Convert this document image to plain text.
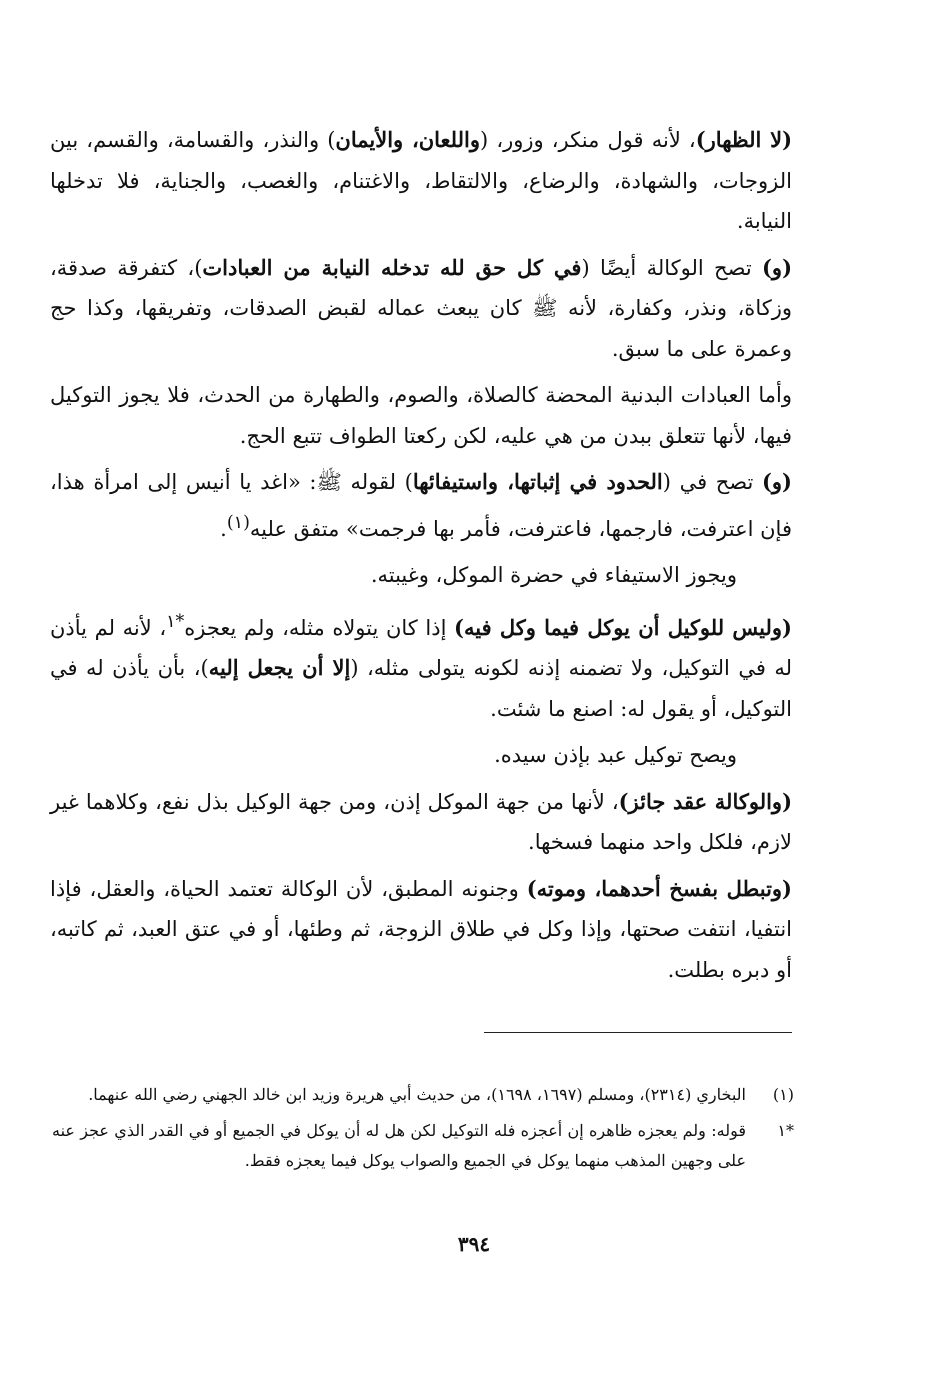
(لا الظهار)، لأنه قول منكر، وزور، (واللعان، والأيمان) والنذر، والقسامة، والقسم، بين الزوجات، والشهادة، والرضاع، والالتقاط، والاغتنام، والغصب، والجناية، فلا تدخلها النيابة.

(و) تصح الوكالة أيضًا (في كل حق لله تدخله النيابة من العبادات)، كتفرقة صدقة، وزكاة، ونذر، وكفارة، لأنه ﷺ كان يبعث عماله لقبض الصدقات، وتفريقها، وكذا حج وعمرة على ما سبق.

وأما العبادات البدنية المحضة كالصلاة، والصوم، والطهارة من الحدث، فلا يجوز التوكيل فيها، لأنها تتعلق ببدن من هي عليه، لكن ركعتا الطواف تتبع الحج.

(و) تصح في (الحدود في إثباتها، واستيفائها) لقوله ﷺ: «اغد يا أنيس إلى امرأة هذا، فإن اعترفت، فارجمها، فاعترفت، فأمر بها فرجمت» متفق عليه$^{(١)}$.

ويجوز الاستيفاء في حضرة الموكل، وغيبته.

(وليس للوكيل أن يوكل فيما وكل فيه) إذا كان يتولاه مثله، ولم يعجزه$^{*١}$، لأنه لم يأذن له في التوكيل، ولا تضمنه إذنه لكونه يتولى مثله، (إلا أن يجعل إليه)، بأن يأذن له في التوكيل، أو يقول له: اصنع ما شئت.

ويصح توكيل عبد بإذن سيده.

(والوكالة عقد جائز)، لأنها من جهة الموكل إذن، ومن جهة الوكيل بذل نفع، وكلاهما غير لازم، فلكل واحد منهما فسخها.

(وتبطل بفسخ أحدهما، وموته) وجنونه المطبق، لأن الوكالة تعتمد الحياة، والعقل، فإذا انتفيا، انتفت صحتها، وإذا وكل في طلاق الزوجة، ثم وطئها، أو في عتق العبد، ثم كاتبه، أو دبره بطلت.

(١)
البخاري (٢٣١٤)، ومسلم (١٦٩٧، ١٦٩٨)، من حديث أبي هريرة وزيد ابن خالد الجهني رضي الله عنهما.
*١
قوله: ولم يعجزه ظاهره إن أعجزه فله التوكيل لكن هل له أن يوكل في الجميع أو في القدر الذي عجز عنه على وجهين المذهب منهما يوكل في الجميع والصواب يوكل فيما يعجزه فقط.
٣٩٤
